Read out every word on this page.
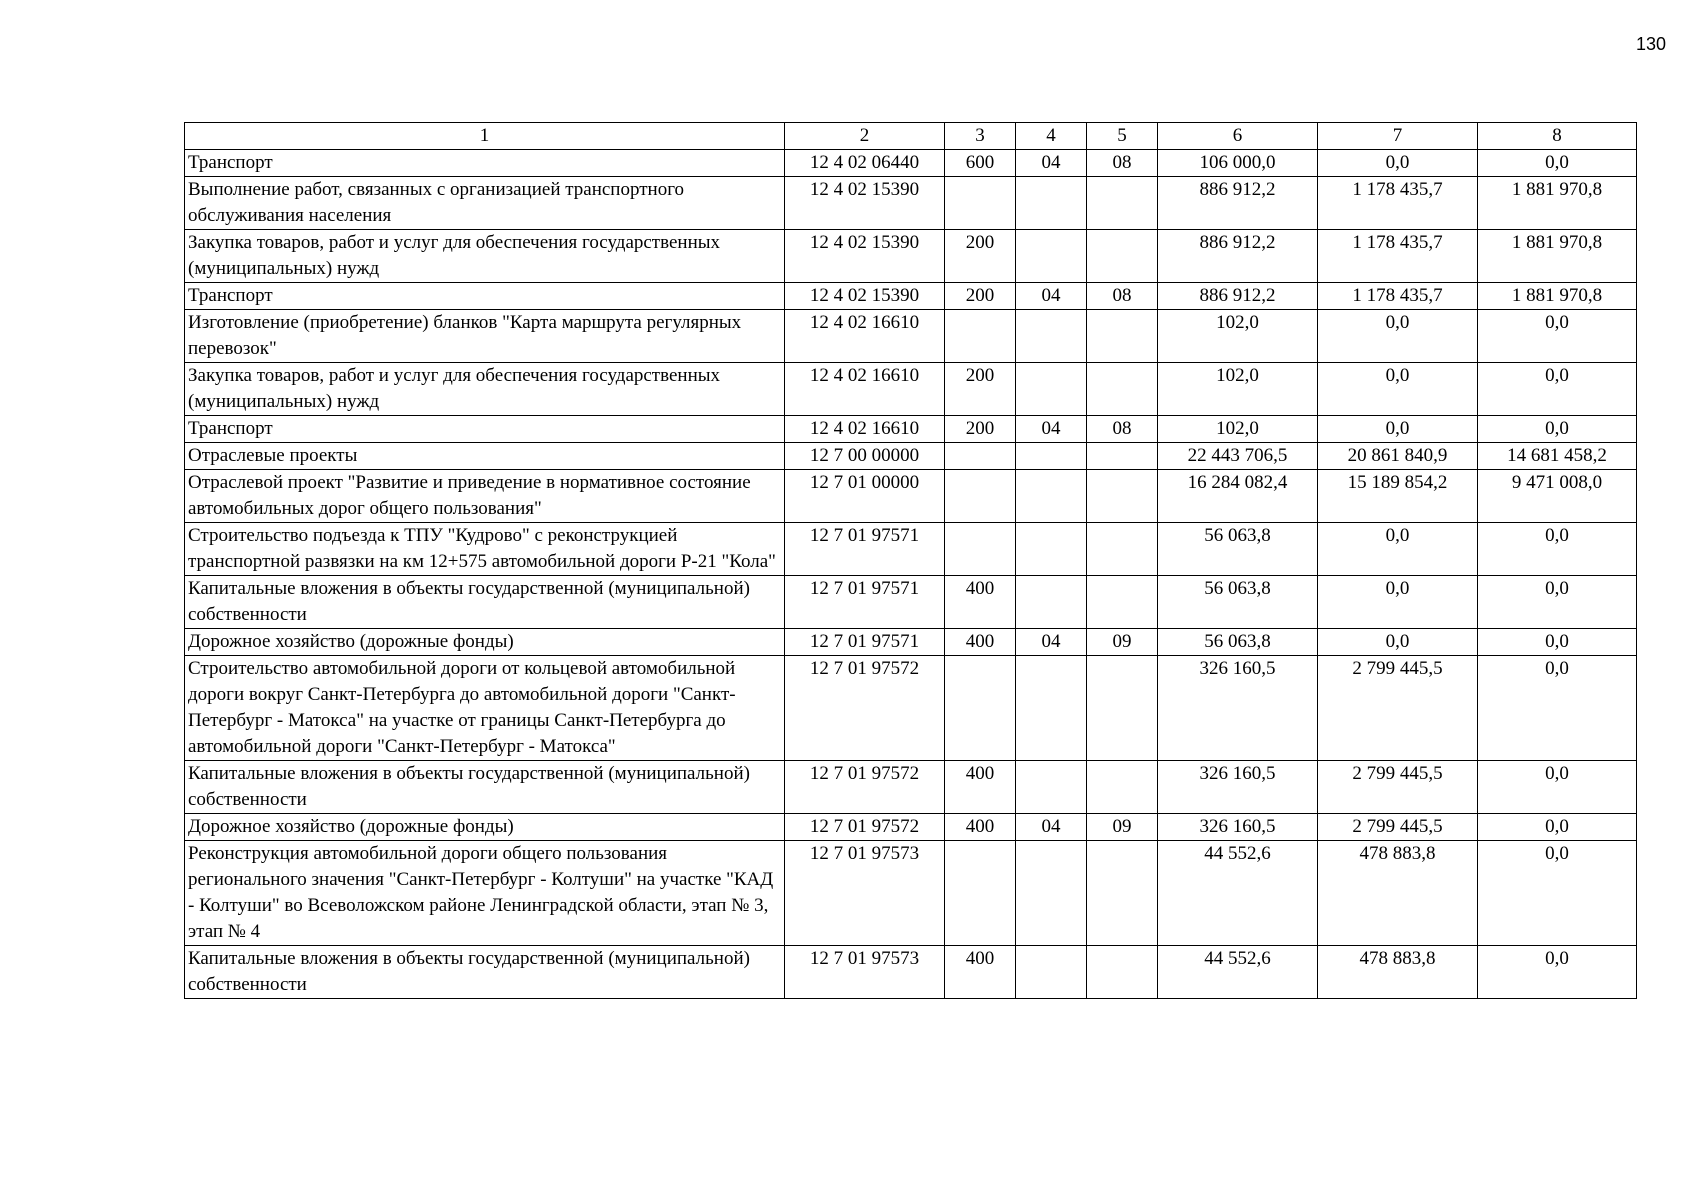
130
1	2	3	4	5	6	7	8
Транспорт	12 4 02 06440	600	04	08	106 000,0	0,0	0,0
Выполнение работ, связанных с организацией транспортного обслуживания населения	12 4 02 15390				886 912,2	1 178 435,7	1 881 970,8
Закупка товаров, работ и услуг для обеспечения государственных (муниципальных) нужд	12 4 02 15390	200			886 912,2	1 178 435,7	1 881 970,8
Транспорт	12 4 02 15390	200	04	08	886 912,2	1 178 435,7	1 881 970,8
Изготовление (приобретение) бланков "Карта маршрута регулярных перевозок"	12 4 02 16610				102,0	0,0	0,0
Закупка товаров, работ и услуг для обеспечения государственных (муниципальных) нужд	12 4 02 16610	200			102,0	0,0	0,0
Транспорт	12 4 02 16610	200	04	08	102,0	0,0	0,0
Отраслевые проекты	12 7 00 00000				22 443 706,5	20 861 840,9	14 681 458,2
Отраслевой проект "Развитие и приведение в нормативное состояние автомобильных дорог общего пользования"	12 7 01 00000				16 284 082,4	15 189 854,2	9 471 008,0
Строительство подъезда к ТПУ "Кудрово" с реконструкцией транспортной развязки на км 12+575 автомобильной дороги Р-21 "Кола"	12 7 01 97571				56 063,8	0,0	0,0
Капитальные вложения в объекты государственной (муниципальной) собственности	12 7 01 97571	400			56 063,8	0,0	0,0
Дорожное хозяйство (дорожные фонды)	12 7 01 97571	400	04	09	56 063,8	0,0	0,0
Строительство автомобильной дороги от кольцевой автомобильной дороги вокруг Санкт-Петербурга до автомобильной дороги "Санкт-Петербург - Матокса" на участке от границы Санкт-Петербурга до автомобильной дороги "Санкт-Петербург - Матокса"	12 7 01 97572				326 160,5	2 799 445,5	0,0
Капитальные вложения в объекты государственной (муниципальной) собственности	12 7 01 97572	400			326 160,5	2 799 445,5	0,0
Дорожное хозяйство (дорожные фонды)	12 7 01 97572	400	04	09	326 160,5	2 799 445,5	0,0
Реконструкция автомобильной дороги общего пользования регионального значения "Санкт-Петербург - Колтуши" на участке "КАД - Колтуши" во Всеволожском районе Ленинградской области, этап № 3, этап № 4	12 7 01 97573				44 552,6	478 883,8	0,0
Капитальные вложения в объекты государственной (муниципальной) собственности	12 7 01 97573	400			44 552,6	478 883,8	0,0
